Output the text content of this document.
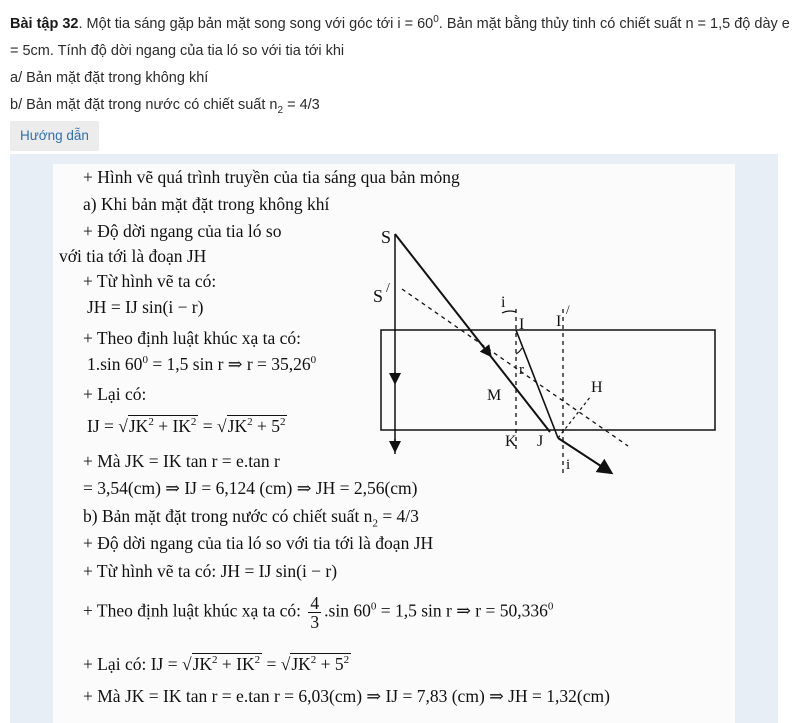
Bài tập 32. Một tia sáng gặp bản mặt song song với góc tới $i = 60^0$. Bản mặt bằng thủy tinh có chiết suất n = 1,5 độ dày e = 5cm. Tính độ dời ngang của tia ló so với tia tới khi

a/ Bản mặt đặt trong không khí

b/ Bản mặt đặt trong nước có chiết suất $n_2 = 4/3$

Hướng dẫn
+ Hình vẽ quá trình truyền của tia sáng qua bản mỏng
a) Khi bản mặt đặt trong không khí
+ Độ dời ngang của tia ló so
với tia tới là đoạn JH
+ Từ hình vẽ ta có:
JH = IJ sin(i − r)
+ Theo định luật khúc xạ ta có:
1.sin $60^0 = 1,5$ sin r ⇒ $r = 35,26^0$
+ Lại có:
IJ = $√JK^2 + IK^2 = √JK^2 + 5^2$
+ Mà JK = IK tan r = e.tan r
= 3,54(cm) ⇒ IJ = 6,124 (cm) ⇒ JH = 2,56(cm)
b) Bản mặt đặt trong nước có chiết suất $n_2 = 4/3$
+ Độ dời ngang của tia ló so với tia tới là đoạn JH
+ Từ hình vẽ ta có: JH = IJ sin(i − r)
+ Theo định luật khúc xạ ta có: $\frac{4}{3} .\sin$ $60^0 = 1,5$ sin r ⇒ $r = 50,336^0$
+ Lại có: IJ = $√JK^2 + IK^2 = √JK^2 + 5^2$
+ Mà JK = IK tan r = e.tan r = 6,03(cm) ⇒ IJ = 7,83 (cm) ⇒ JH = 1,32(cm)
S
S /
i
I I
/
r
M	H
K J
i
